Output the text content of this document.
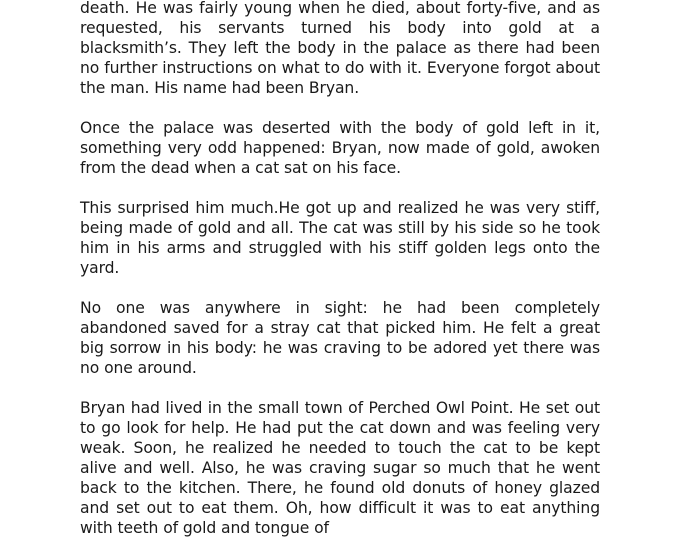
death. He was fairly young when he died, about forty-five, and as requested, his servants turned his body into gold at a blacksmith’s. They left the body in the palace as there had been no further instructions on what to do with it. Everyone forgot about the man. His name had been Bryan.

Once the palace was deserted with the body of gold left in it, something very odd happened: Bryan, now made of gold, awoken from the dead when a cat sat on his face.

This surprised him much.He got up and realized he was very stiff, being made of gold and all. The cat was still by his side so he took him in his arms and struggled with his stiff golden legs onto the yard.

No one was anywhere in sight: he had been completely abandoned saved for a stray cat that picked him. He felt a great big sorrow in his body: he was craving to be adored yet there was no one around.

Bryan had lived in the small town of Perched Owl Point. He set out to go look for help. He had put the cat down and was feeling very weak. Soon, he realized he needed to touch the cat to be kept alive and well. Also, he was craving sugar so much that he went back to the kitchen. There, he found old donuts of honey glazed and set out to eat them. Oh, how difficult it was to eat anything with teeth of gold and tongue of
